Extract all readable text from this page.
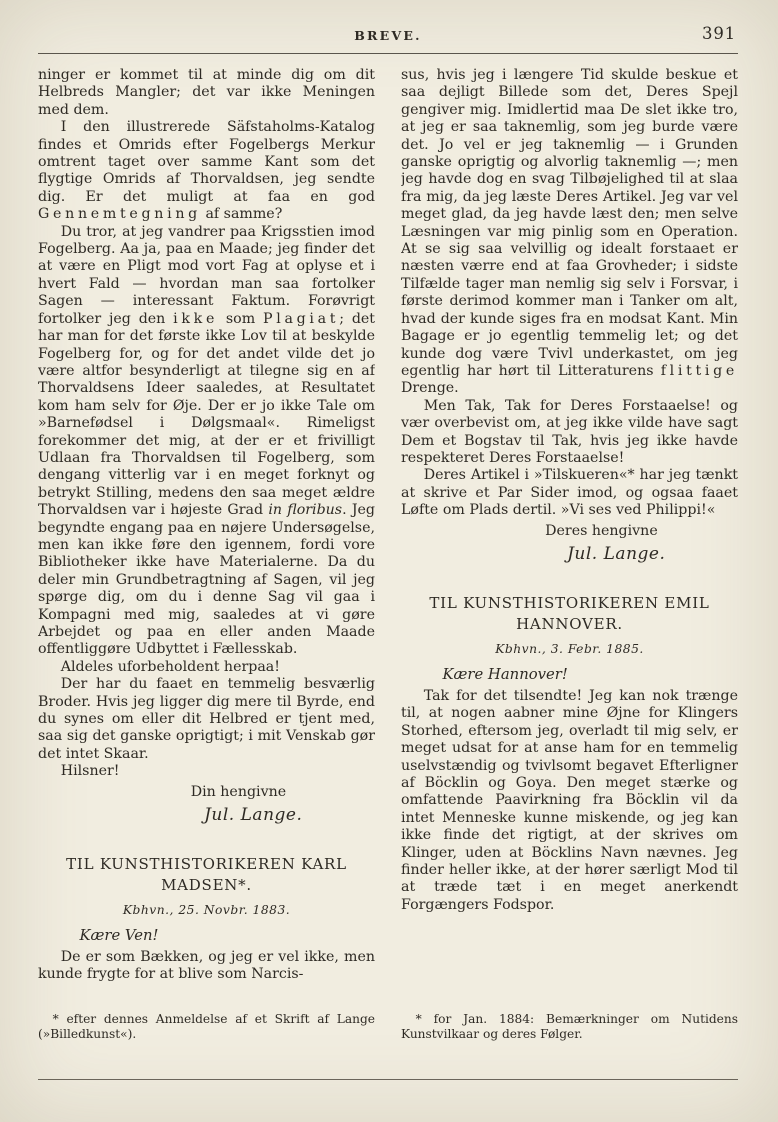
BREVE.	391

ninger er kommet til at minde dig om dit Helbreds Mangler; det var ikke Meningen med dem.

I den illustrerede Säfstaholms-Katalog findes et Omrids efter Fogelbergs Merkur omtrent taget over samme Kant som det flygtige Omrids af Thorvaldsen, jeg sendte dig. Er det muligt at faa en god Gennemtegning af samme?

Du tror, at jeg vandrer paa Krigsstien imod Fogelberg. Aa ja, paa en Maade; jeg finder det at være en Pligt mod vort Fag at oplyse et i hvert Fald — hvordan man saa fortolker Sagen — interessant Faktum. Forøvrigt fortolker jeg den ikke som Plagiat; det har man for det første ikke Lov til at beskylde Fogelberg for, og for det andet vilde det jo være altfor besynderligt at tilegne sig en af Thorvaldsens Ideer saaledes, at Resultatet kom ham selv for Øje. Der er jo ikke Tale om »Barnefødsel i Dølgsmaal«. Rimeligst forekommer det mig, at der er et frivilligt Udlaan fra Thorvaldsen til Fogelberg, som dengang vitterlig var i en meget forknyt og betrykt Stilling, medens den saa meget ældre Thorvaldsen var i højeste Grad in floribus. Jeg begyndte engang paa en nøjere Undersøgelse, men kan ikke føre den igennem, fordi vore Bibliotheker ikke have Materialerne. Da du deler min Grundbetragtning af Sagen, vil jeg spørge dig, om du i denne Sag vil gaa i Kompagni med mig, saaledes at vi gøre Arbejdet og paa en eller anden Maade offentliggøre Udbyttet i Fællesskab.

Aldeles uforbeholdent herpaa!

Der har du faaet en temmelig besværlig Broder. Hvis jeg ligger dig mere til Byrde, end du synes om eller dit Helbred er tjent med, saa sig det ganske oprigtigt; i mit Venskab gør det intet Skaar.

Hilsner!

Din hengivne
Jul. Lange.
TIL KUNSTHISTORIKEREN KARL MADSEN*.
Kbhvn., 25. Novbr. 1883.
Kære Ven!

De er som Bækken, og jeg er vel ikke, men kunde frygte for at blive som Narcis-

* efter dennes Anmeldelse af et Skrift af Lange (»Billedkunst«).

sus, hvis jeg i længere Tid skulde beskue et saa dejligt Billede som det, Deres Spejl gengiver mig. Imidlertid maa De slet ikke tro, at jeg er saa taknemlig, som jeg burde være det. Jo vel er jeg taknemlig — i Grunden ganske oprigtig og alvorlig taknemlig —; men jeg havde dog en svag Tilbøjelighed til at slaa fra mig, da jeg læste Deres Artikel. Jeg var vel meget glad, da jeg havde læst den; men selve Læsningen var mig pinlig som en Operation. At se sig saa velvillig og idealt forstaaet er næsten værre end at faa Grovheder; i sidste Tilfælde tager man nemlig sig selv i Forsvar, i første derimod kommer man i Tanker om alt, hvad der kunde siges fra en modsat Kant. Min Bagage er jo egentlig temmelig let; og det kunde dog være Tvivl underkastet, om jeg egentlig har hørt til Litteraturens flittige Drenge.

Men Tak, Tak for Deres Forstaaelse! og vær overbevist om, at jeg ikke vilde have sagt Dem et Bogstav til Tak, hvis jeg ikke havde respekteret Deres Forstaaelse!

Deres Artikel i »Tilskueren«* har jeg tænkt at skrive et Par Sider imod, og ogsaa faaet Løfte om Plads dertil. »Vi ses ved Philippi!«

Deres hengivne
Jul. Lange.
TIL KUNSTHISTORIKEREN EMIL HANNOVER.
Kbhvn., 3. Febr. 1885.
Kære Hannover!

Tak for det tilsendte! Jeg kan nok trænge til, at nogen aabner mine Øjne for Klingers Storhed, eftersom jeg, overladt til mig selv, er meget udsat for at anse ham for en temmelig uselvstændig og tvivlsomt begavet Efterligner af Böcklin og Goya. Den meget stærke og omfattende Paavirkning fra Böcklin vil da intet Menneske kunne miskende, og jeg kan ikke finde det rigtigt, at der skrives om Klinger, uden at Böcklins Navn nævnes. Jeg finder heller ikke, at der hører særligt Mod til at træde tæt i en meget anerkendt Forgængers Fodspor.

* for Jan. 1884: Bemærkninger om Nutidens Kunstvilkaar og deres Følger.
